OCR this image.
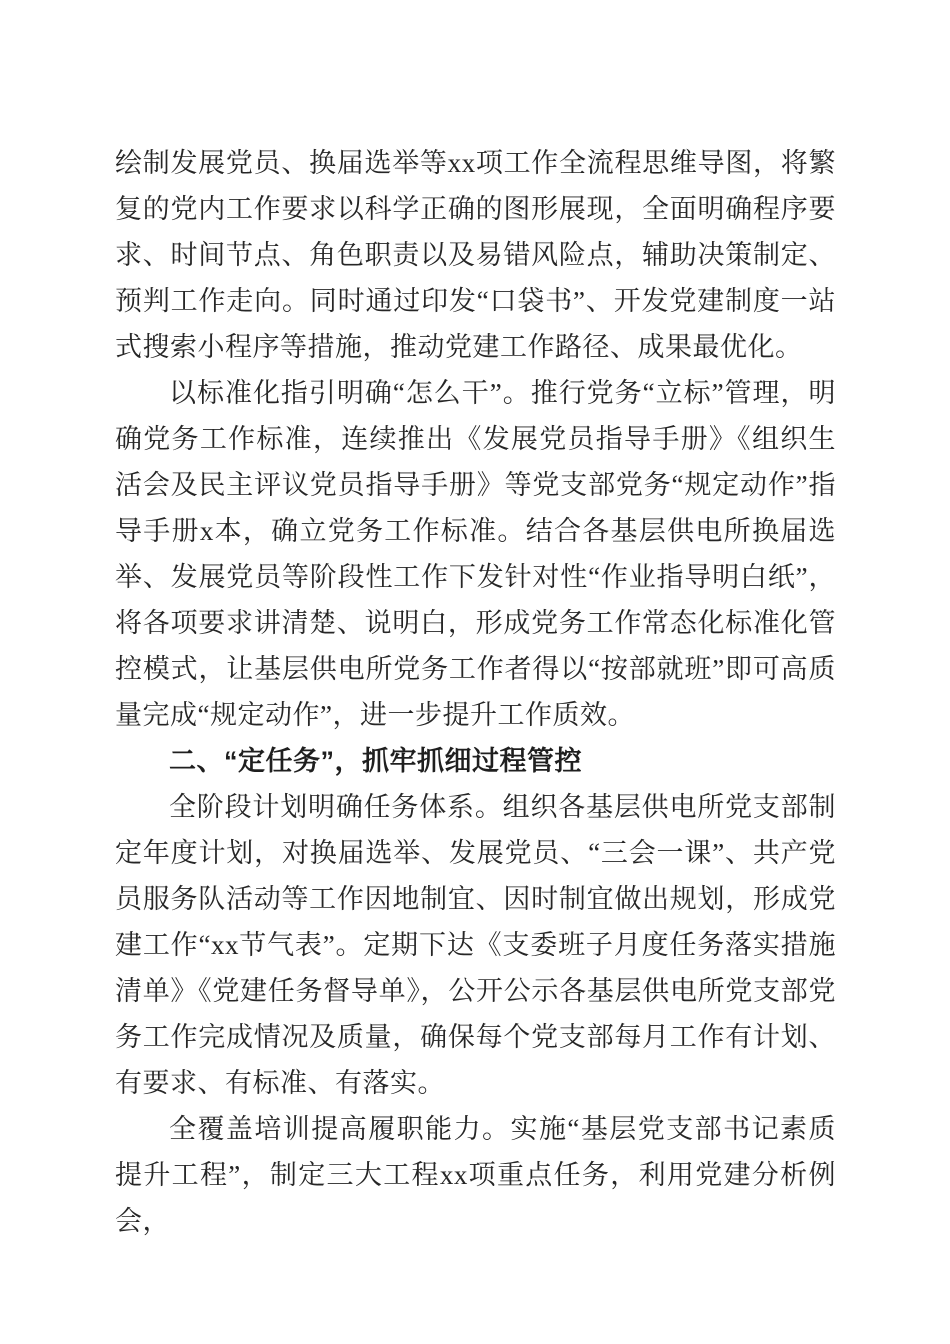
绘制发展党员、换届选举等xx项工作全流程思维导图，将繁复的党内工作要求以科学正确的图形展现，全面明确程序要求、时间节点、角色职责以及易错风险点，辅助决策制定、预判工作走向。同时通过印发“口袋书”、开发党建制度一站式搜索小程序等措施，推动党建工作路径、成果最优化。

以标准化指引明确“怎么干”。推行党务“立标”管理，明确党务工作标准，连续推出《发展党员指导手册》《组织生活会及民主评议党员指导手册》等党支部党务“规定动作”指导手册x本，确立党务工作标准。结合各基层供电所换届选举、发展党员等阶段性工作下发针对性“作业指导明白纸”，将各项要求讲清楚、说明白，形成党务工作常态化标准化管控模式，让基层供电所党务工作者得以“按部就班”即可高质量完成“规定动作”，进一步提升工作质效。

二、“定任务”，抓牢抓细过程管控

全阶段计划明确任务体系。组织各基层供电所党支部制定年度计划，对换届选举、发展党员、“三会一课”、共产党员服务队活动等工作因地制宜、因时制宜做出规划，形成党建工作“xx节气表”。定期下达《支委班子月度任务落实措施清单》《党建任务督导单》，公开公示各基层供电所党支部党务工作完成情况及质量，确保每个党支部每月工作有计划、有要求、有标准、有落实。

全覆盖培训提高履职能力。实施“基层党支部书记素质提升工程”，制定三大工程xx项重点任务，利用党建分析例会，
